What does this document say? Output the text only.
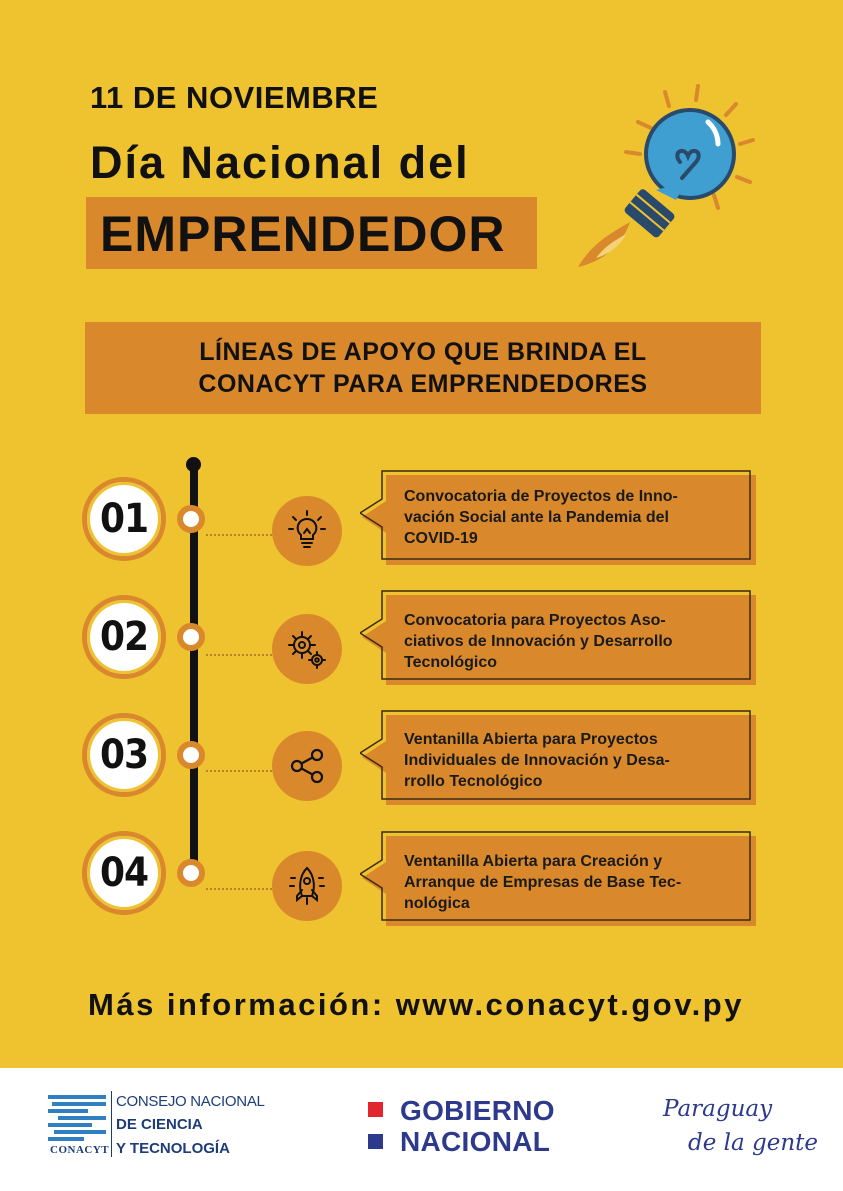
11 DE NOVIEMBRE
Día Nacional del
EMPRENDEDOR
LÍNEAS DE APOYO QUE BRINDA EL
CONACYT PARA EMPRENDEDORES
01	Convocatoria de Proyectos de Inno-
vación Social ante la Pandemia del
COVID-19
02	Convocatoria para Proyectos Aso-
ciativos de Innovación y Desarrollo
Tecnológico
03	Ventanilla Abierta para Proyectos
Individuales de Innovación y Desa-
rrollo Tecnológico
04	Ventanilla Abierta para Creación y
Arranque de Empresas de Base Tec-
nológica
Más información: www.conacyt.gov.py
CONACYT
CONSEJO NACIONAL
DE CIENCIA
Y TECNOLOGÍA
GOBIERNO
NACIONAL
Paraguay
de la gente
